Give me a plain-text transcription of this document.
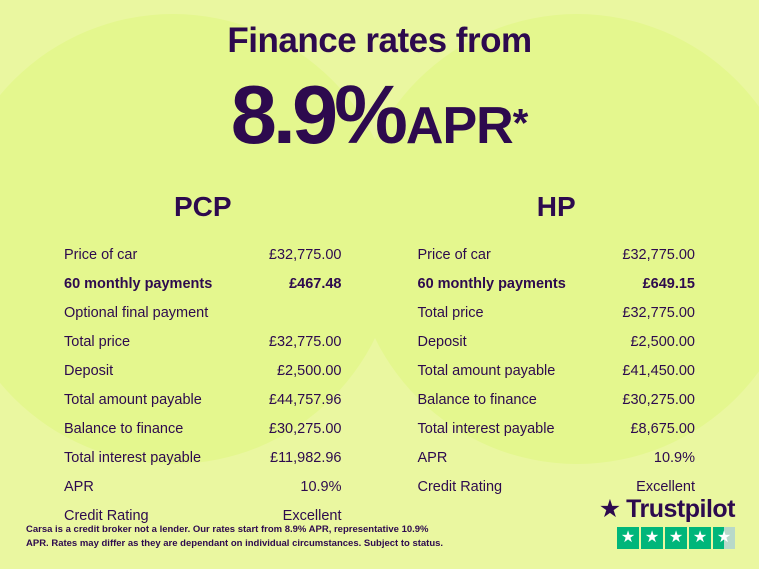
Finance rates from
8.9%APR*
PCP
Price of car	£32,775.00
60 monthly payments	£467.48
Optional final payment
Total price	£32,775.00
Deposit	£2,500.00
Total amount payable	£44,757.96
Balance to finance	£30,275.00
Total interest payable	£11,982.96
APR	10.9%
Credit Rating	Excellent
HP
Price of car	£32,775.00
60 monthly payments	£649.15
Total price	£32,775.00
Deposit	£2,500.00
Total amount payable	£41,450.00
Balance to finance	£30,275.00
Total interest payable	£8,675.00
APR	10.9%
Credit Rating	Excellent
Carsa is a credit broker not a lender. Our rates start from 8.9% APR, representative 10.9% APR. Rates may differ as they are dependant on individual circumstances. Subject to status.
★ Trustpilot
★ ★ ★ ★ ★
